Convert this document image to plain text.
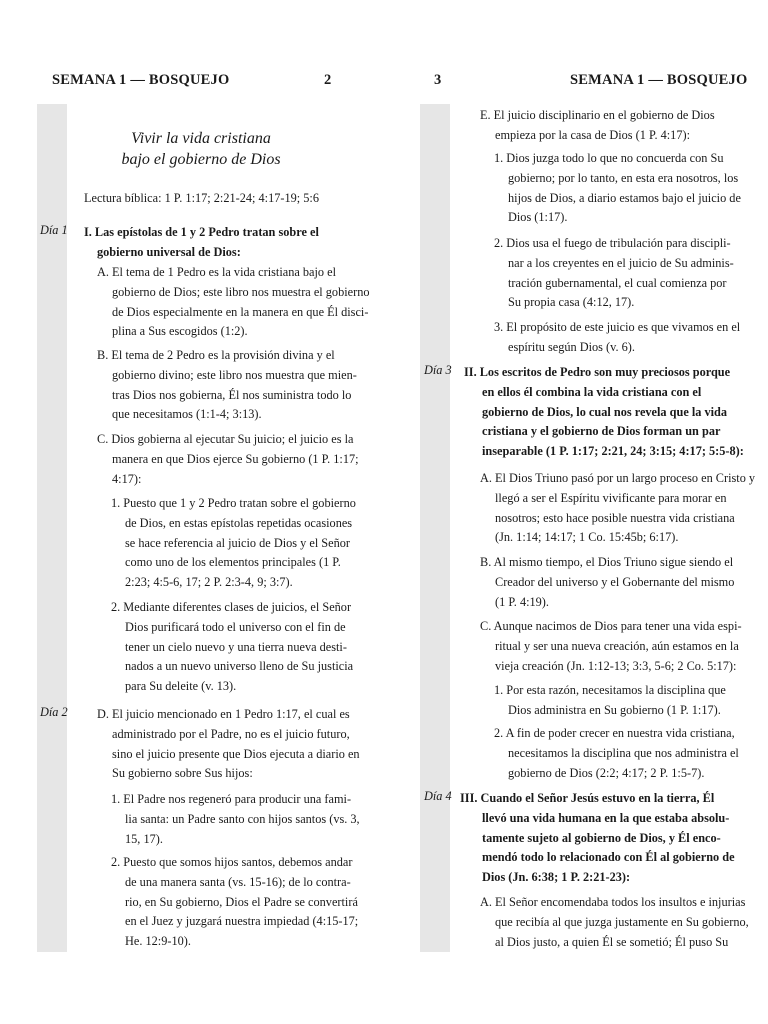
SEMANA 1 — BOSQUEJO	2
Vivir la vida cristiana
bajo el gobierno de Dios
Lectura bíblica: 1 P. 1:17; 2:21-24; 4:17-19; 5:6
Día 1
Día 2
I. Las epístolas de 1 y 2 Pedro tratan sobre el
gobierno universal de Dios:
A. El tema de 1 Pedro es la vida cristiana bajo el
gobierno de Dios; este libro nos muestra el gobierno
de Dios especialmente en la manera en que Él disci-
plina a Sus escogidos (1:2).
B. El tema de 2 Pedro es la provisión divina y el
gobierno divino; este libro nos muestra que mien-
tras Dios nos gobierna, Él nos suministra todo lo
que necesitamos (1:1-4; 3:13).
C. Dios gobierna al ejecutar Su juicio; el juicio es la
manera en que Dios ejerce Su gobierno (1 P. 1:17;
4:17):
1. Puesto que 1 y 2 Pedro tratan sobre el gobierno
de Dios, en estas epístolas repetidas ocasiones
se hace referencia al juicio de Dios y el Señor
como uno de los elementos principales (1 P.
2:23; 4:5-6, 17; 2 P. 2:3-4, 9; 3:7).
2. Mediante diferentes clases de juicios, el Señor
Dios purificará todo el universo con el fin de
tener un cielo nuevo y una tierra nueva desti-
nados a un nuevo universo lleno de Su justicia
para Su deleite (v. 13).
D. El juicio mencionado en 1 Pedro 1:17, el cual es
administrado por el Padre, no es el juicio futuro,
sino el juicio presente que Dios ejecuta a diario en
Su gobierno sobre Sus hijos:
1. El Padre nos regeneró para producir una fami-
lia santa: un Padre santo con hijos santos (vs. 3,
15, 17).
2. Puesto que somos hijos santos, debemos andar
de una manera santa (vs. 15-16); de lo contra-
rio, en Su gobierno, Dios el Padre se convertirá
en el Juez y juzgará nuestra impiedad (4:15-17;
He. 12:9-10).
3	SEMANA 1 — BOSQUEJO
Día 3
Día 4
E. El juicio disciplinario en el gobierno de Dios
empieza por la casa de Dios (1 P. 4:17):
1. Dios juzga todo lo que no concuerda con Su
gobierno; por lo tanto, en esta era nosotros, los
hijos de Dios, a diario estamos bajo el juicio de
Dios (1:17).
2. Dios usa el fuego de tribulación para discipli-
nar a los creyentes en el juicio de Su adminis-
tración gubernamental, el cual comienza por
Su propia casa (4:12, 17).
3. El propósito de este juicio es que vivamos en el
espíritu según Dios (v. 6).
II. Los escritos de Pedro son muy preciosos porque
en ellos él combina la vida cristiana con el
gobierno de Dios, lo cual nos revela que la vida
cristiana y el gobierno de Dios forman un par
inseparable (1 P. 1:17; 2:21, 24; 3:15; 4:17; 5:5-8):
A. El Dios Triuno pasó por un largo proceso en Cristo y
llegó a ser el Espíritu vivificante para morar en
nosotros; esto hace posible nuestra vida cristiana
(Jn. 1:14; 14:17; 1 Co. 15:45b; 6:17).
B. Al mismo tiempo, el Dios Triuno sigue siendo el
Creador del universo y el Gobernante del mismo
(1 P. 4:19).
C. Aunque nacimos de Dios para tener una vida espi-
ritual y ser una nueva creación, aún estamos en la
vieja creación (Jn. 1:12-13; 3:3, 5-6; 2 Co. 5:17):
1. Por esta razón, necesitamos la disciplina que
Dios administra en Su gobierno (1 P. 1:17).
2. A fin de poder crecer en nuestra vida cristiana,
necesitamos la disciplina que nos administra el
gobierno de Dios (2:2; 4:17; 2 P. 1:5-7).
III. Cuando el Señor Jesús estuvo en la tierra, Él
llevó una vida humana en la que estaba absolu-
tamente sujeto al gobierno de Dios, y Él enco-
mendó todo lo relacionado con Él al gobierno de
Dios (Jn. 6:38; 1 P. 2:21-23):
A. El Señor encomendaba todos los insultos e injurias
que recibía al que juzga justamente en Su gobierno,
al Dios justo, a quien Él se sometió; Él puso Su
